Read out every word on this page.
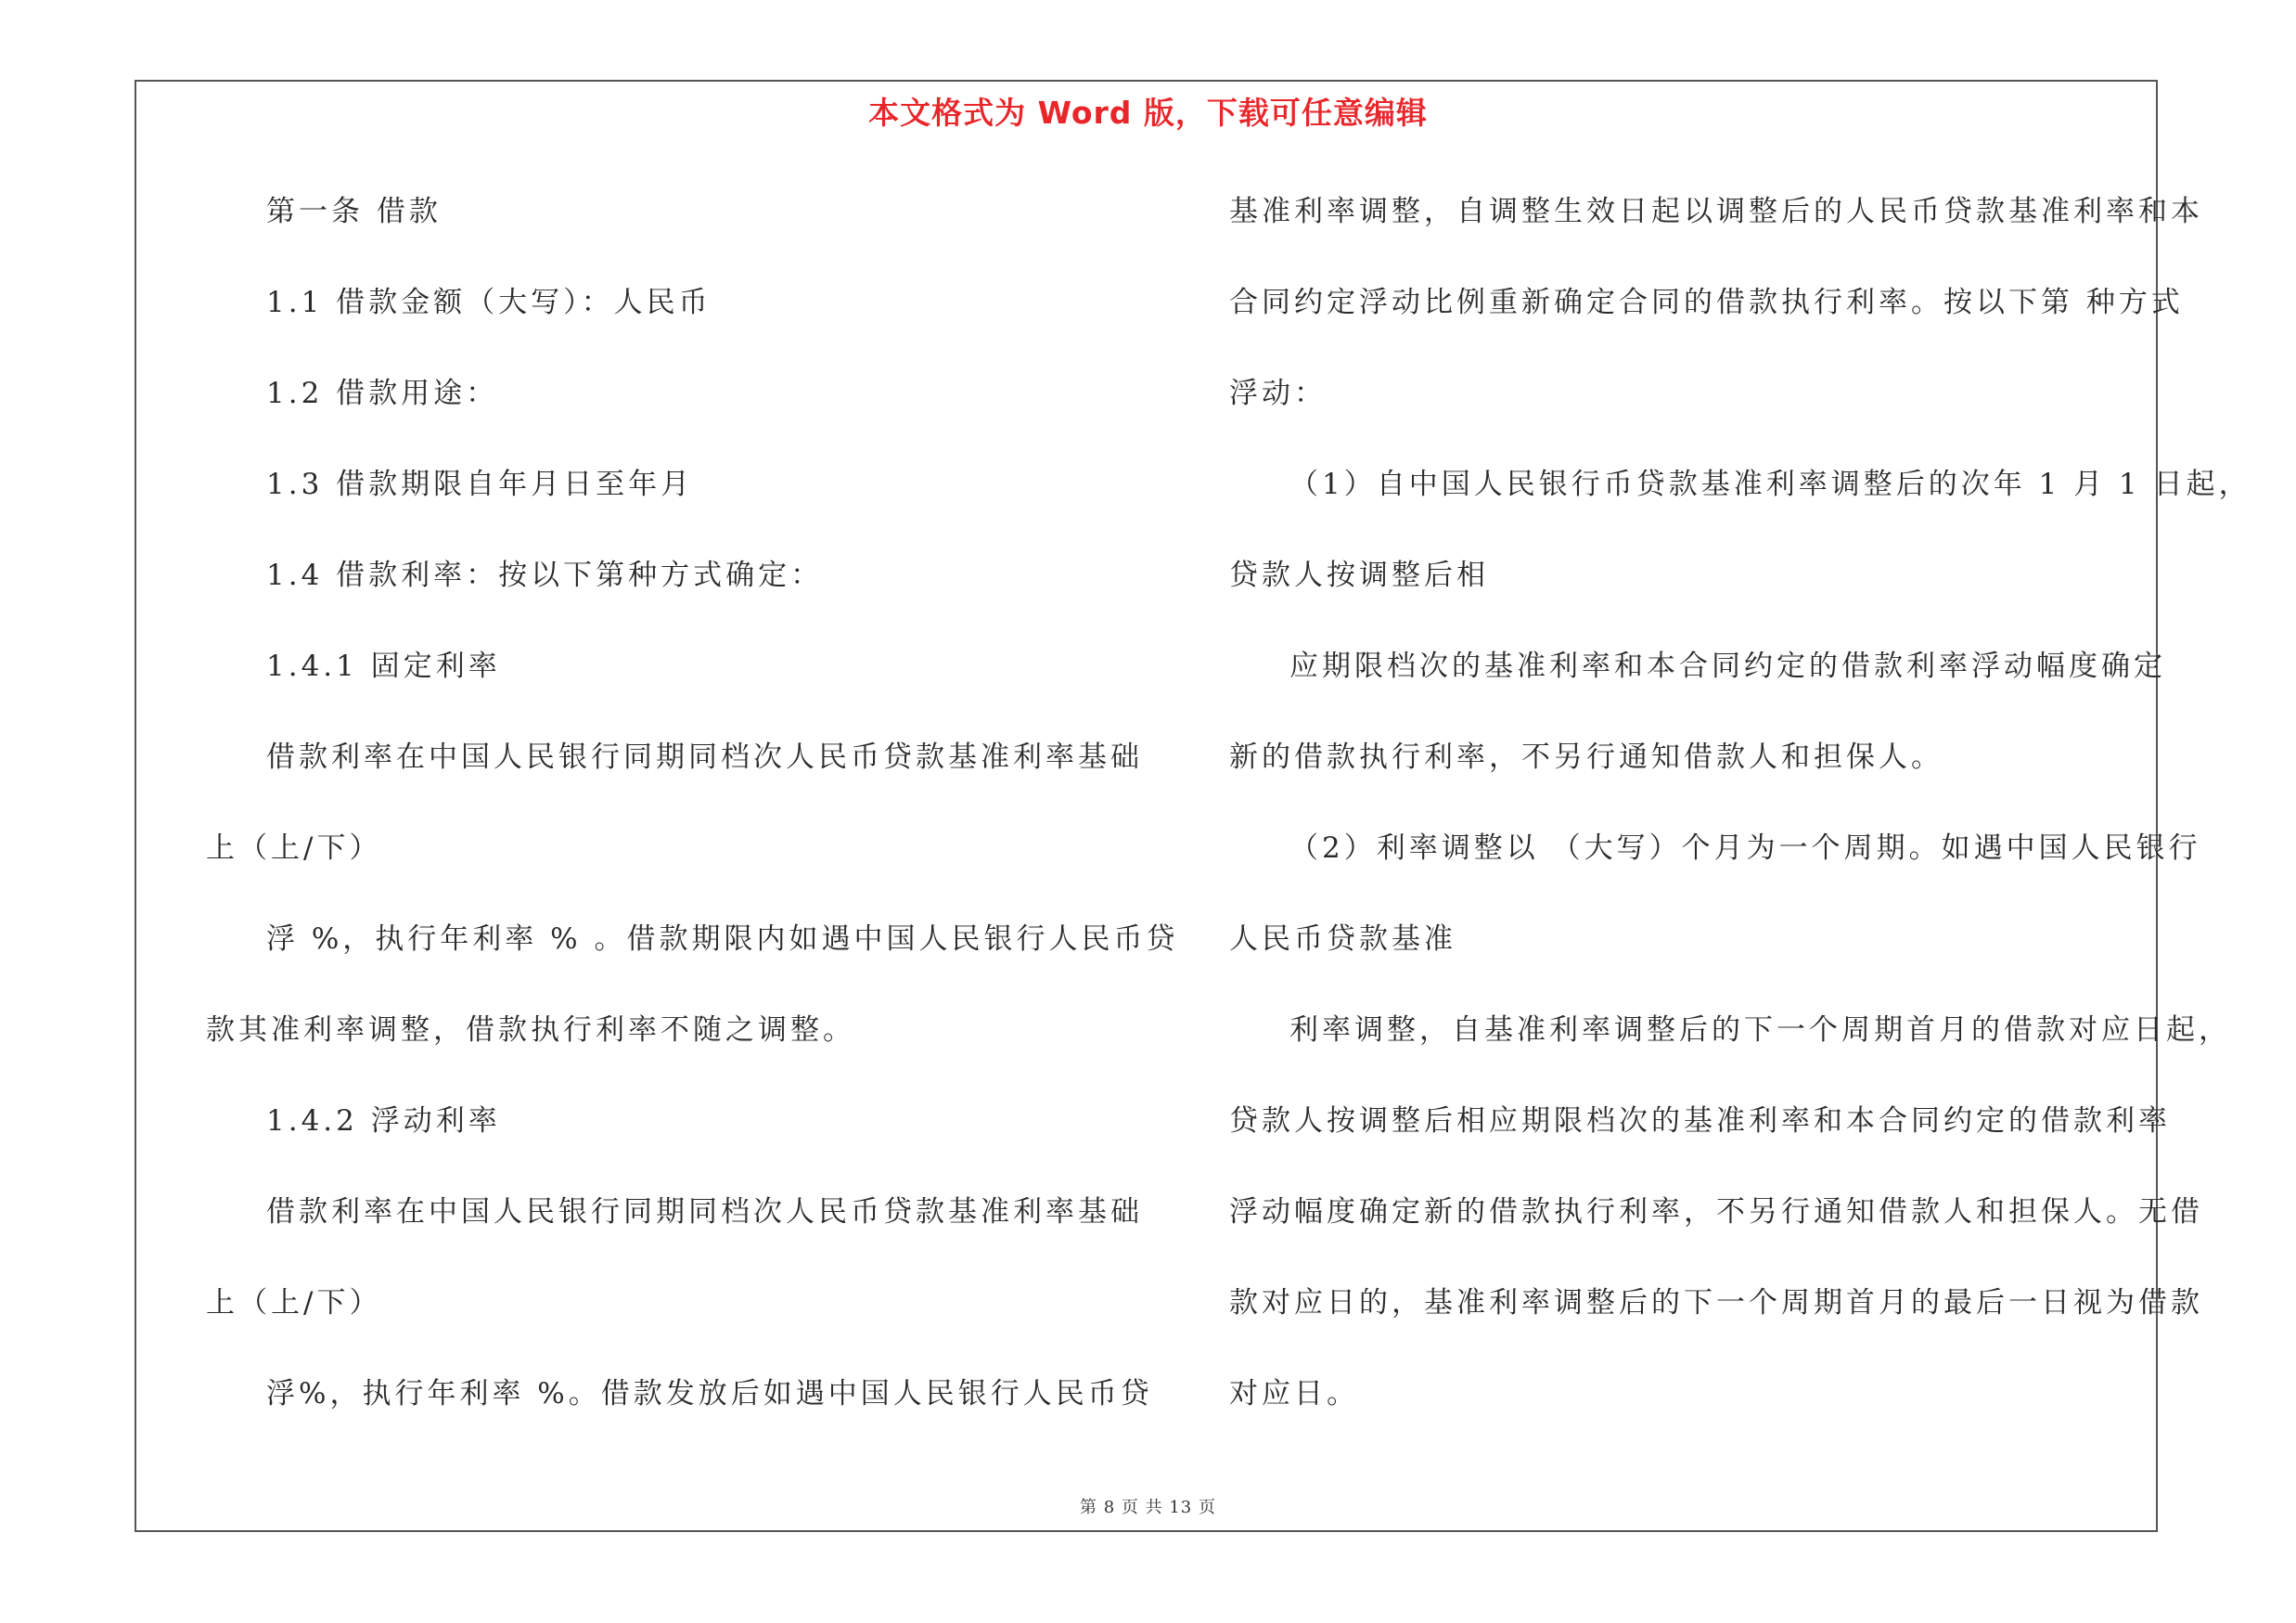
本文格式为 Word 版，下载可任意编辑
第一条 借款
1.1 借款金额（大写）：人民币
1.2 借款用途：
1.3 借款期限自年月日至年月
1.4 借款利率：按以下第种方式确定：
1.4.1 固定利率
借款利率在中国人民银行同期同档次人民币贷款基准利率基础
上（上/下）
浮 %，执行年利率 % 。借款期限内如遇中国人民银行人民币贷
款其准利率调整，借款执行利率不随之调整。
1.4.2 浮动利率
借款利率在中国人民银行同期同档次人民币贷款基准利率基础
上（上/下）
浮%，执行年利率 %。借款发放后如遇中国人民银行人民币贷
基准利率调整，自调整生效日起以调整后的人民币贷款基准利率和本
合同约定浮动比例重新确定合同的借款执行利率。按以下第 种方式
浮动：
（1）自中国人民银行币贷款基准利率调整后的次年 1 月 1 日起，
贷款人按调整后相
应期限档次的基准利率和本合同约定的借款利率浮动幅度确定
新的借款执行利率，不另行通知借款人和担保人。
（2）利率调整以 （大写）个月为一个周期。如遇中国人民银行
人民币贷款基准
利率调整，自基准利率调整后的下一个周期首月的借款对应日起，
贷款人按调整后相应期限档次的基准利率和本合同约定的借款利率
浮动幅度确定新的借款执行利率，不另行通知借款人和担保人。无借
款对应日的，基准利率调整后的下一个周期首月的最后一日视为借款
对应日。
第 8 页 共 13 页
